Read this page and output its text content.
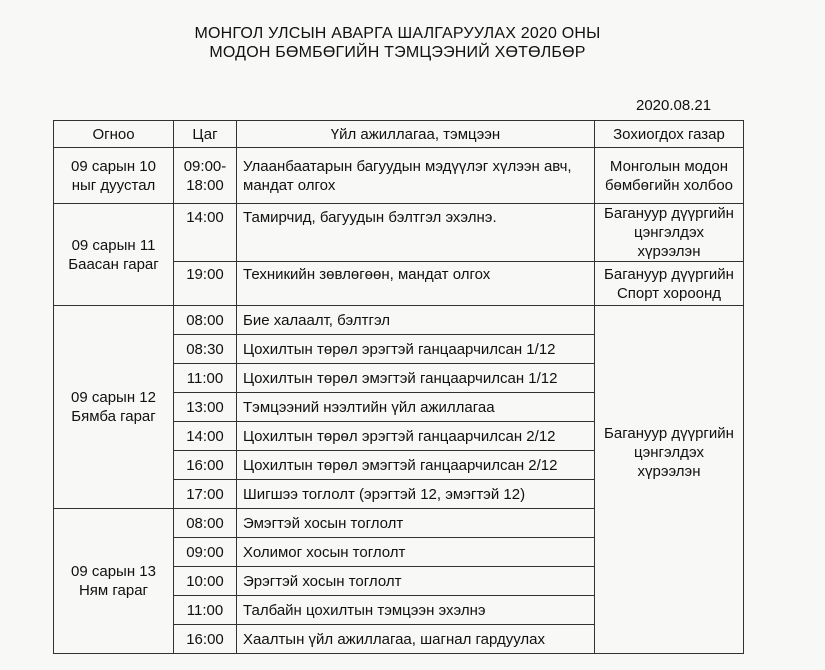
МОНГОЛ УЛСЫН АВАРГА ШАЛГАРУУЛАХ 2020 ОНЫ
МОДОН БӨМБӨГИЙН ТЭМЦЭЭНИЙ ХӨТӨЛБӨР
2020.08.21
Огноо	Цаг	Үйл ажиллагаа, тэмцээн	Зохиогдох газар
09 сарын 10 ныг дуустал	09:00-18:00	Улаанбаатарын багуудын мэдүүлэг хүлээн авч, мандат олгох	Монголын модон бөмбөгийн холбоо
09 сарын 11 Баасан гараг	14:00	Тамирчид, багуудын бэлтгэл эхэлнэ.	Багануур дүүргийн цэнгэлдэх хүрээлэн
	19:00	Техникийн зөвлөгөөн, мандат олгох	Багануур дүүргийн Спорт хороонд
09 сарын 12 Бямба гараг	08:00	Бие халаалт, бэлтгэл	Багануур дүүргийн цэнгэлдэх хүрээлэн
	08:30	Цохилтын төрөл эрэгтэй ганцаарчилсан 1/12	
	11:00	Цохилтын төрөл эмэгтэй ганцаарчилсан 1/12	
	13:00	Тэмцээний нээлтийн үйл ажиллагаа	
	14:00	Цохилтын төрөл эрэгтэй ганцаарчилсан 2/12	
	16:00	Цохилтын төрөл эмэгтэй ганцаарчилсан 2/12	
	17:00	Шигшээ тоглолт (эрэгтэй 12, эмэгтэй 12)	
09 сарын 13 Ням гараг	08:00	Эмэгтэй хосын тоглолт	
	09:00	Холимог хосын тоглолт	
	10:00	Эрэгтэй хосын тоглолт	
	11:00	Талбайн цохилтын тэмцээн эхэлнэ	
	16:00	Хаалтын үйл ажиллагаа, шагнал гардуулах	
